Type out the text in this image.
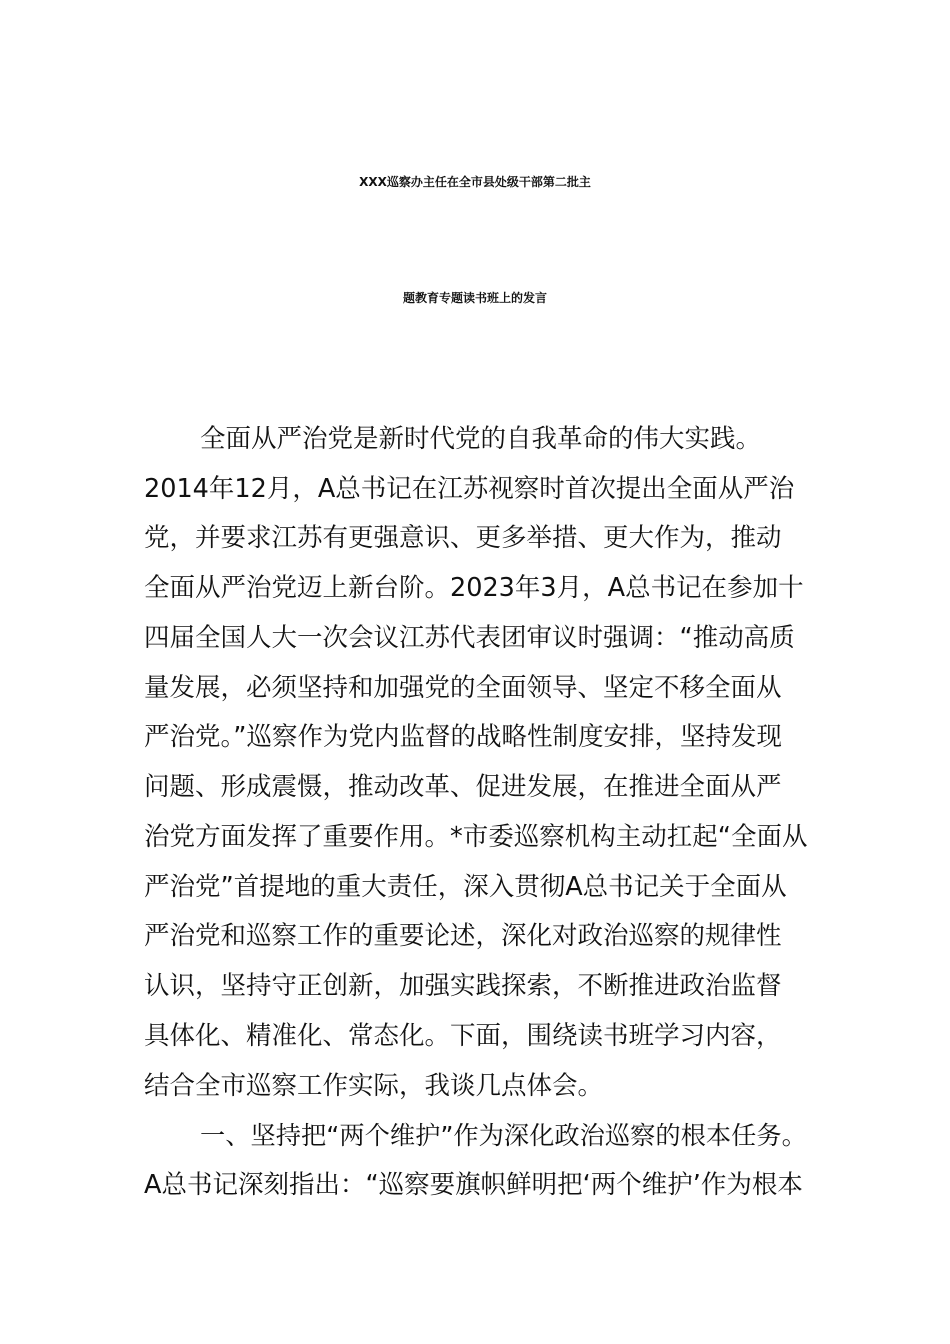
XXX巡察办主任在全市县处级干部第二批主
题教育专题读书班上的发言
全面从严治党是新时代党的自我革命的伟大实践。
2014年12月，A总书记在江苏视察时首次提出全面从严治
党，并要求江苏有更强意识、更多举措、更大作为，推动
全面从严治党迈上新台阶。2023年3月，A总书记在参加十
四届全国人大一次会议江苏代表团审议时强调：“推动高质
量发展，必须坚持和加强党的全面领导、坚定不移全面从
严治党。”巡察作为党内监督的战略性制度安排，坚持发现
问题、形成震慑，推动改革、促进发展，在推进全面从严
治党方面发挥了重要作用。*市委巡察机构主动扛起“全面从
严治党”首提地的重大责任，深入贯彻A总书记关于全面从
严治党和巡察工作的重要论述，深化对政治巡察的规律性
认识，坚持守正创新，加强实践探索，不断推进政治监督
具体化、精准化、常态化。下面，围绕读书班学习内容，
结合全市巡察工作实际，我谈几点体会。
一、坚持把“两个维护”作为深化政治巡察的根本任务。
A总书记深刻指出：“巡察要旗帜鲜明把‘两个维护’作为根本
